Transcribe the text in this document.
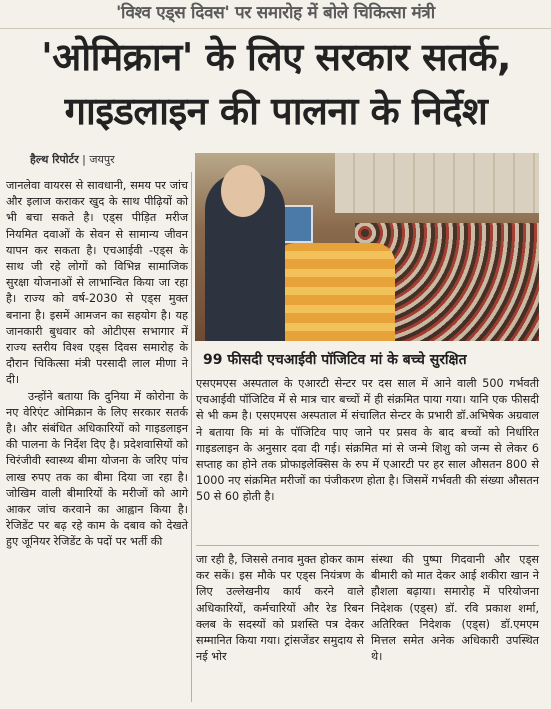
'विश्व एड्स दिवस' पर समारोह में बोले चिकित्सा मंत्री
'ओमिक्रान' के लिए सरकार सतर्क,
गाइडलाइन की पालना के निर्देश
हैल्थ रिपोर्टर | जयपुर

जानलेवा वायरस से सावधानी, समय पर जांच और इलाज कराकर खुद के साथ पीढ़ियों को भी बचा सकते है। एड्स पीड़ित मरीज नियमित दवाओं के सेवन से सामान्य जीवन यापन कर सकता है। एचआईवी -एड्स के साथ जी रहे लोगों को विभिन्न सामाजिक सुरक्षा योजनाओं से लाभान्वित किया जा रहा है। राज्य को वर्ष-2030 से एड्स मुक्त बनाना है। इसमें आमजन का सहयोग है। यह जानकारी बुधवार को ओटीएस सभागार में राज्य स्तरीय विश्व एड्स दिवस समारोह के दौरान चिकित्सा मंत्री परसादी लाल मीणा ने दी।

उन्होंने बताया कि दुनिया में कोरोना के नए वेरिएंट ओमिक्रान के लिए सरकार सतर्क है। और संबंधित अधिकारियों को गाइडलाइन की पालना के निर्देश दिए है। प्रदेशवासियों को चिरंजीवी स्वास्थ्य बीमा योजना के जरिए पांच लाख रुपए तक का बीमा दिया जा रहा है। जोखिम वाली बीमारियों के मरीजों को आगे आकर जांच करवाने का आह्वान किया है। रेजिडेंट पर बढ़ रहे काम के दबाव को देखते हुए जूनियर रेजिडेंट के पदों पर भर्ती की

99 फीसदी एचआईवी पॉजिटिव मां के बच्चे सुरक्षित
एसएमएस अस्पताल के एआरटी सेन्टर पर दस साल में आने वाली 500 गर्भवती एचआईवी पॉजिटिव में से मात्र चार बच्चों में ही संक्रमित पाया गया। यानि एक फीसदी से भी कम है। एसएमएस अस्पताल में संचालित सेन्टर के प्रभारी डॉ.अभिषेक अग्रवाल ने बताया कि मां के पॉजिटिव पाए जाने पर प्रसव के बाद बच्चों को निर्धारित गाइडलाइन के अनुसार दवा दी गई। संक्रमित मां से जन्मे शिशु को जन्म से लेकर 6 सप्ताह का होने तक प्रोफाइलेक्सिस के रुप में एआरटी पर हर साल औसतन 800 से 1000 नए संक्रमित मरीजों का पंजीकरण होता है। जिसमें गर्भवती की संख्या औसतन 50 से 60 होती है।
जा रही है, जिससे तनाव मुक्त होकर काम कर सकें। इस मौके पर एड्स नियंत्रण के लिए उल्लेखनीय कार्य करने वाले अधिकारियों, कर्मचारियों और रेड रिबन क्लब के सदस्यों को प्रशस्ति पत्र देकर सम्मानित किया गया। ट्रांसजेंडर समुदाय से नई भोर
संस्था की पुष्पा गिदवानी और एड्स बीमारी को मात देकर आई शकीरा खान ने हौशला बढ़ाया। समारोह में परियोजना निदेशक (एड्स) डॉ. रवि प्रकाश शर्मा, अतिरिक्त निदेशक (एड्स) डॉ.एमएम मित्तल समेत अनेक अधिकारी उपस्थित थे।
